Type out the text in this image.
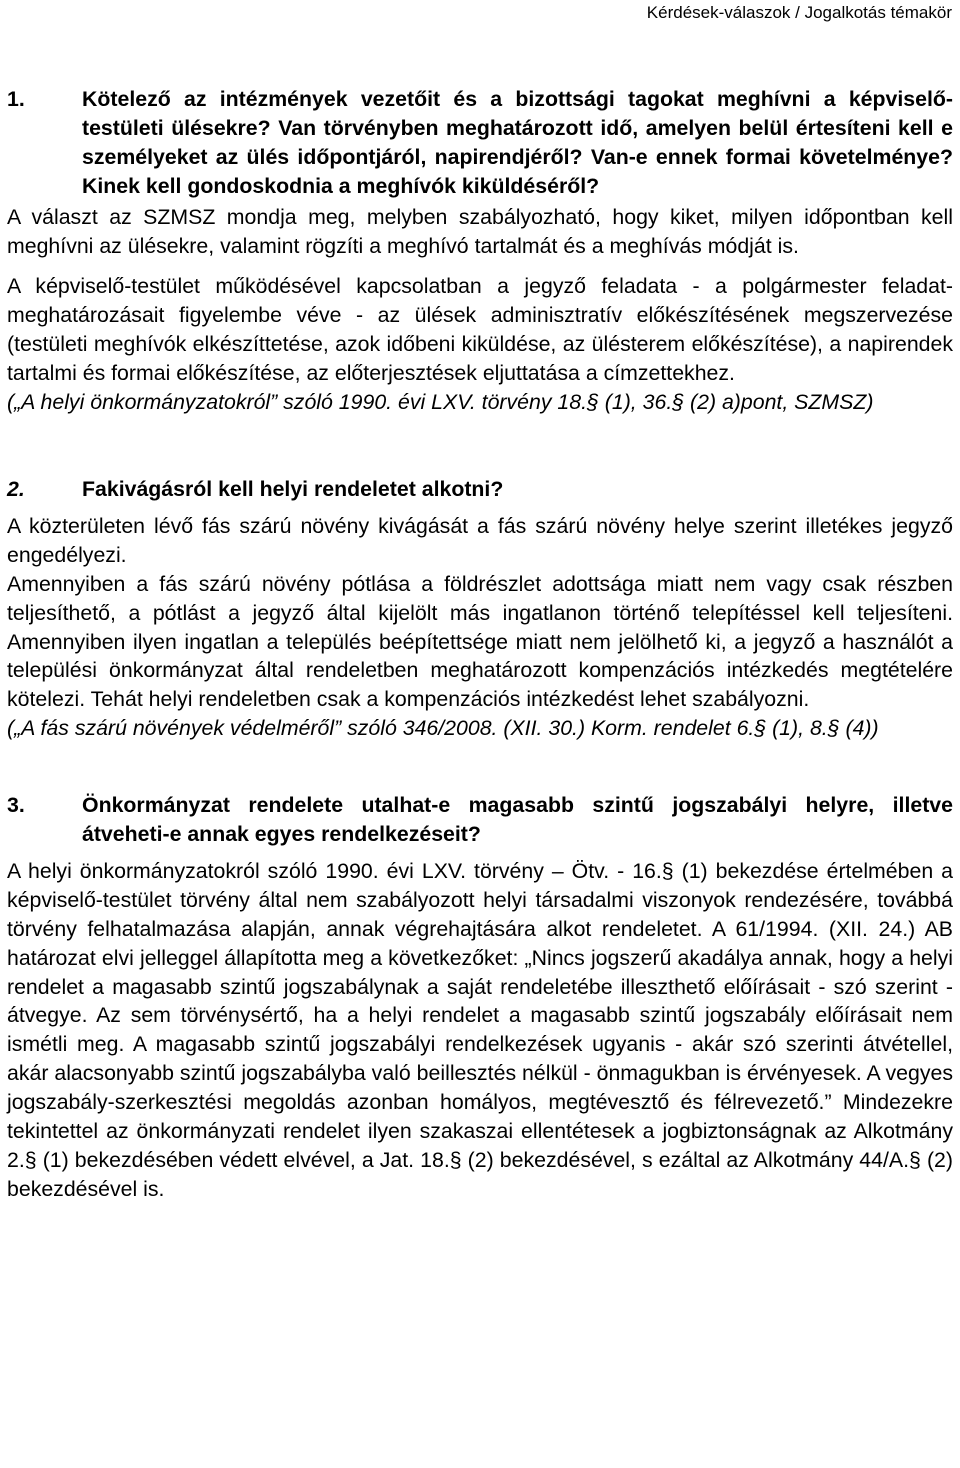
Kérdések-válaszok / Jogalkotás témakör
1.	Kötelező az intézmények vezetőit és a bizottsági tagokat meghívni a képviselő-testületi ülésekre? Van törvényben meghatározott idő, amelyen belül értesíteni kell e személyeket az ülés időpontjáról, napirendjéről? Van-e ennek formai követelménye? Kinek kell gondoskodnia a meghívók kiküldéséről?

A választ az SZMSZ mondja meg, melyben szabályozható, hogy kiket, milyen időpontban kell meghívni az ülésekre, valamint rögzíti a meghívó tartalmát és a meghívás módját is.

A képviselő-testület működésével kapcsolatban a jegyző feladata - a polgármester feladat-meghatározásait figyelembe véve - az ülések adminisztratív előkészítésének megszervezése (testületi meghívók elkészíttetése, azok időbeni kiküldése, az ülésterem előkészítése), a napirendek tartalmi és formai előkészítése, az előterjesztések eljuttatása a címzettekhez.

(„A helyi önkormányzatokról” szóló 1990. évi LXV. törvény 18.§ (1), 36.§ (2) a)pont, SZMSZ)

2.	Fakivágásról kell helyi rendeletet alkotni?

A közterületen lévő fás szárú növény kivágását a fás szárú növény helye szerint illetékes jegyző engedélyezi.

Amennyiben a fás szárú növény pótlása a földrészlet adottsága miatt nem vagy csak részben teljesíthető, a pótlást a jegyző által kijelölt más ingatlanon történő telepítéssel kell teljesíteni. Amennyiben ilyen ingatlan a település beépítettsége miatt nem jelölhető ki, a jegyző a használót a települési önkormányzat által rendeletben meghatározott kompenzációs intézkedés megtételére kötelezi. Tehát helyi rendeletben csak a kompenzációs intézkedést lehet szabályozni.

(„A fás szárú növények védelméről” szóló 346/2008. (XII. 30.) Korm. rendelet 6.§ (1), 8.§ (4))

3.	Önkormányzat rendelete utalhat-e magasabb szintű jogszabályi helyre, illetve átveheti-e annak egyes rendelkezéseit?

A helyi önkormányzatokról szóló 1990. évi LXV. törvény – Ötv. - 16.§ (1) bekezdése értelmében a képviselő-testület törvény által nem szabályozott helyi társadalmi viszonyok rendezésére, továbbá törvény felhatalmazása alapján, annak végrehajtására alkot rendeletet. A 61/1994. (XII. 24.) AB határozat elvi jelleggel állapította meg a következőket: „Nincs jogszerű akadálya annak, hogy a helyi rendelet a magasabb szintű jogszabálynak a saját rendeletébe illeszthető előírásait - szó szerint - átvegye. Az sem törvénysértő, ha a helyi rendelet a magasabb szintű jogszabály előírásait nem ismétli meg. A magasabb szintű jogszabályi rendelkezések ugyanis - akár szó szerinti átvétellel, akár alacsonyabb szintű jogszabályba való beillesztés nélkül - önmagukban is érvényesek. A vegyes jogszabály-szerkesztési megoldás azonban homályos, megtévesztő és félrevezető.” Mindezekre tekintettel az önkormányzati rendelet ilyen szakaszai ellentétesek a jogbiztonságnak az Alkotmány 2.§ (1) bekezdésében védett elvével, a Jat. 18.§ (2) bekezdésével, s ezáltal az Alkotmány 44/A.§ (2) bekezdésével is.
